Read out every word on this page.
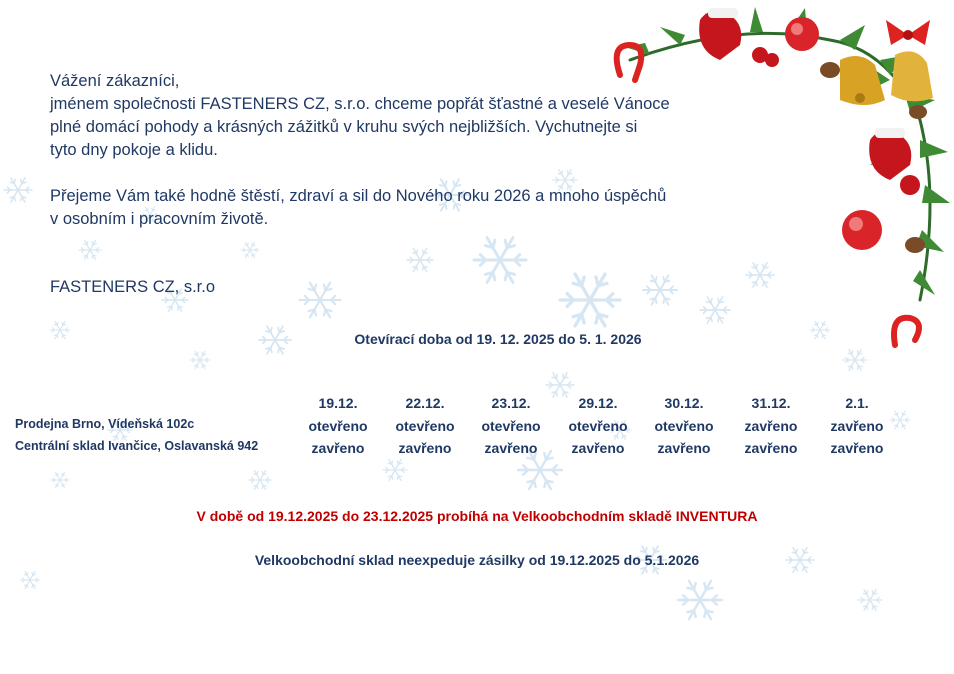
Vážení zákazníci,

jménem společnosti FASTENERS CZ, s.r.o. chceme popřát šťastné a veselé Vánoce

plné domácí pohody a krásných zážitků v kruhu svých nejbližších. Vychutnejte si

tyto dny pokoje a klidu.

Přejeme Vám také hodně štěstí, zdraví a sil do Nového roku 2026 a mnoho úspěchů

v osobním i pracovním životě.

FASTENERS CZ, s.r.o

Otevírací doba od 19. 12. 2025 do 5. 1. 2026
Prodejna Brno, Vídeňská 102c
Centrální sklad Ivančice, Oslavanská 942
19.12.
otevřeno
zavřeno
22.12.
otevřeno
zavřeno
23.12.
otevřeno
zavřeno
29.12.
otevřeno
zavřeno
30.12.
otevřeno
zavřeno
31.12.
zavřeno
zavřeno
2.1.
zavřeno
zavřeno
V době od 19.12.2025 do 23.12.2025 probíhá na Velkoobchodním skladě INVENTURA
Velkoobchodní sklad neexpeduje zásilky od 19.12.2025 do 5.1.2026
